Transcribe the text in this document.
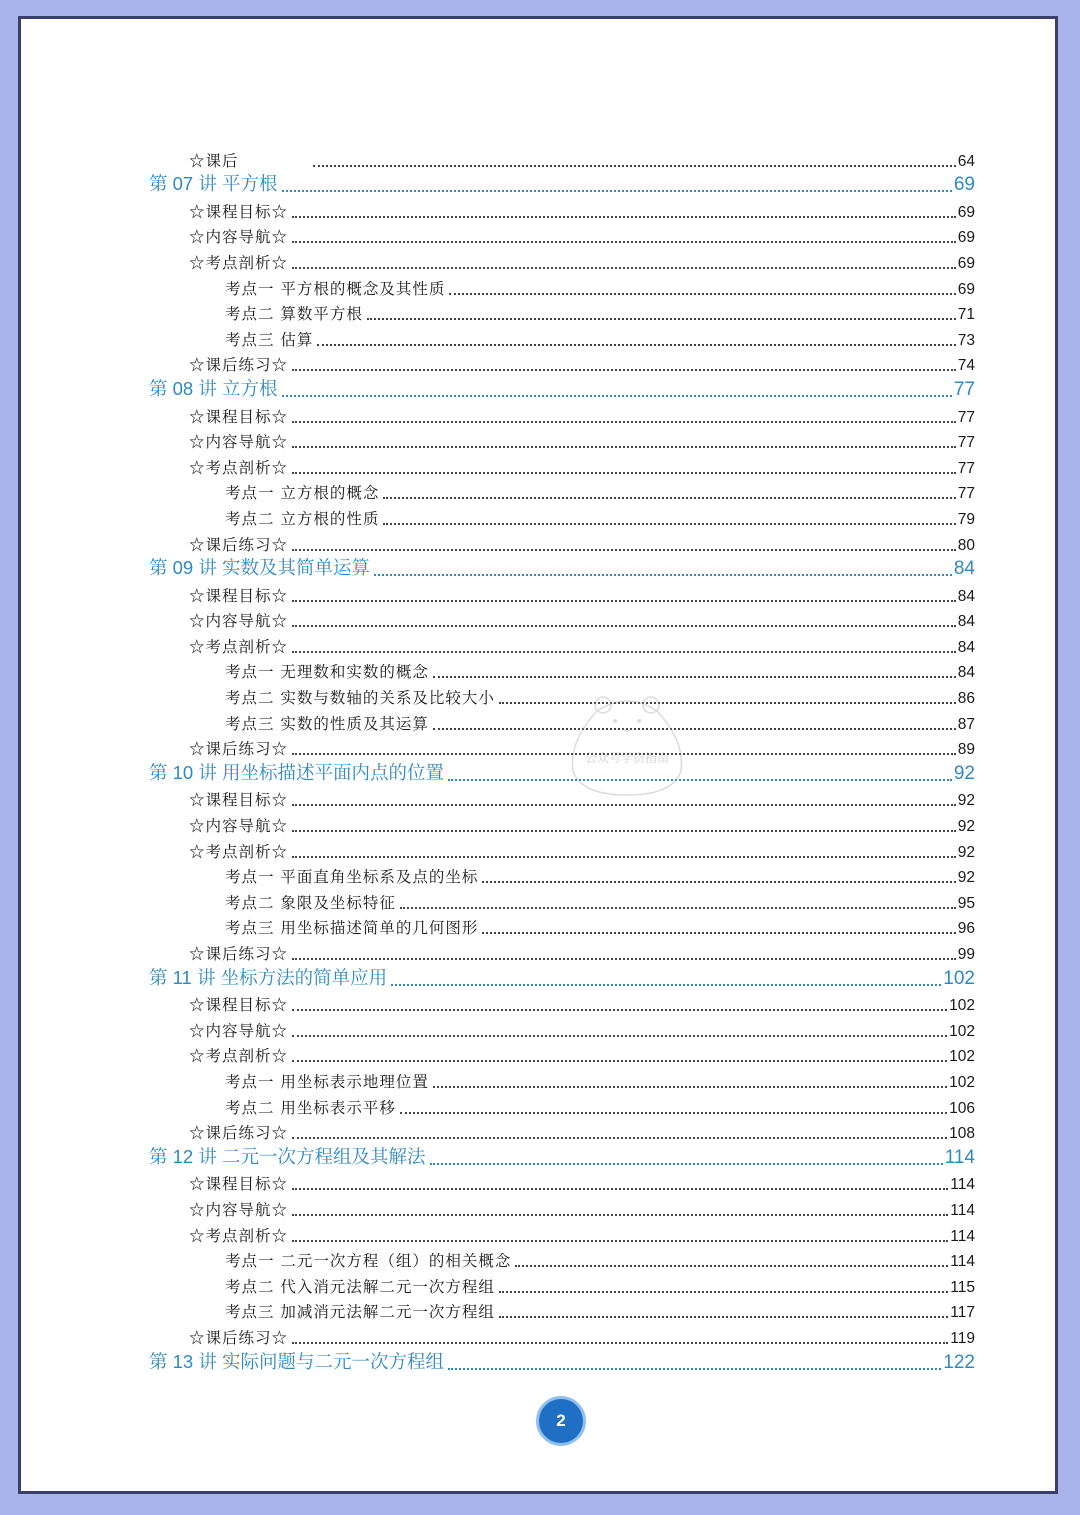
☆课后	64
第 07 讲 平方根	69
☆课程目标☆	69
☆内容导航☆	69
☆考点剖析☆	69
考点一 平方根的概念及其性质	69
考点二 算数平方根	71
考点三 估算	73
☆课后练习☆	74
第 08 讲 立方根	77
☆课程目标☆	77
☆内容导航☆	77
☆考点剖析☆	77
考点一 立方根的概念	77
考点二 立方根的性质	79
☆课后练习☆	80
第 09 讲 实数及其简单运算	84
☆课程目标☆	84
☆内容导航☆	84
☆考点剖析☆	84
考点一 无理数和实数的概念	84
考点二 实数与数轴的关系及比较大小	86
考点三 实数的性质及其运算	87
☆课后练习☆	89
第 10 讲 用坐标描述平面内点的位置	92
☆课程目标☆	92
☆内容导航☆	92
☆考点剖析☆	92
考点一 平面直角坐标系及点的坐标	92
考点二 象限及坐标特征	95
考点三 用坐标描述简单的几何图形	96
☆课后练习☆	99
第 11 讲 坐标方法的简单应用	102
☆课程目标☆	102
☆内容导航☆	102
☆考点剖析☆	102
考点一 用坐标表示地理位置	102
考点二 用坐标表示平移	106
☆课后练习☆	108
第 12 讲 二元一次方程组及其解法	114
☆课程目标☆	114
☆内容导航☆	114
☆考点剖析☆	114
考点一 二元一次方程（组）的相关概念	114
考点二 代入消元法解二元一次方程组	115
考点三 加减消元法解二元一次方程组	117
☆课后练习☆	119
第 13 讲 实际问题与二元一次方程组	122
公众号学资指南
2
